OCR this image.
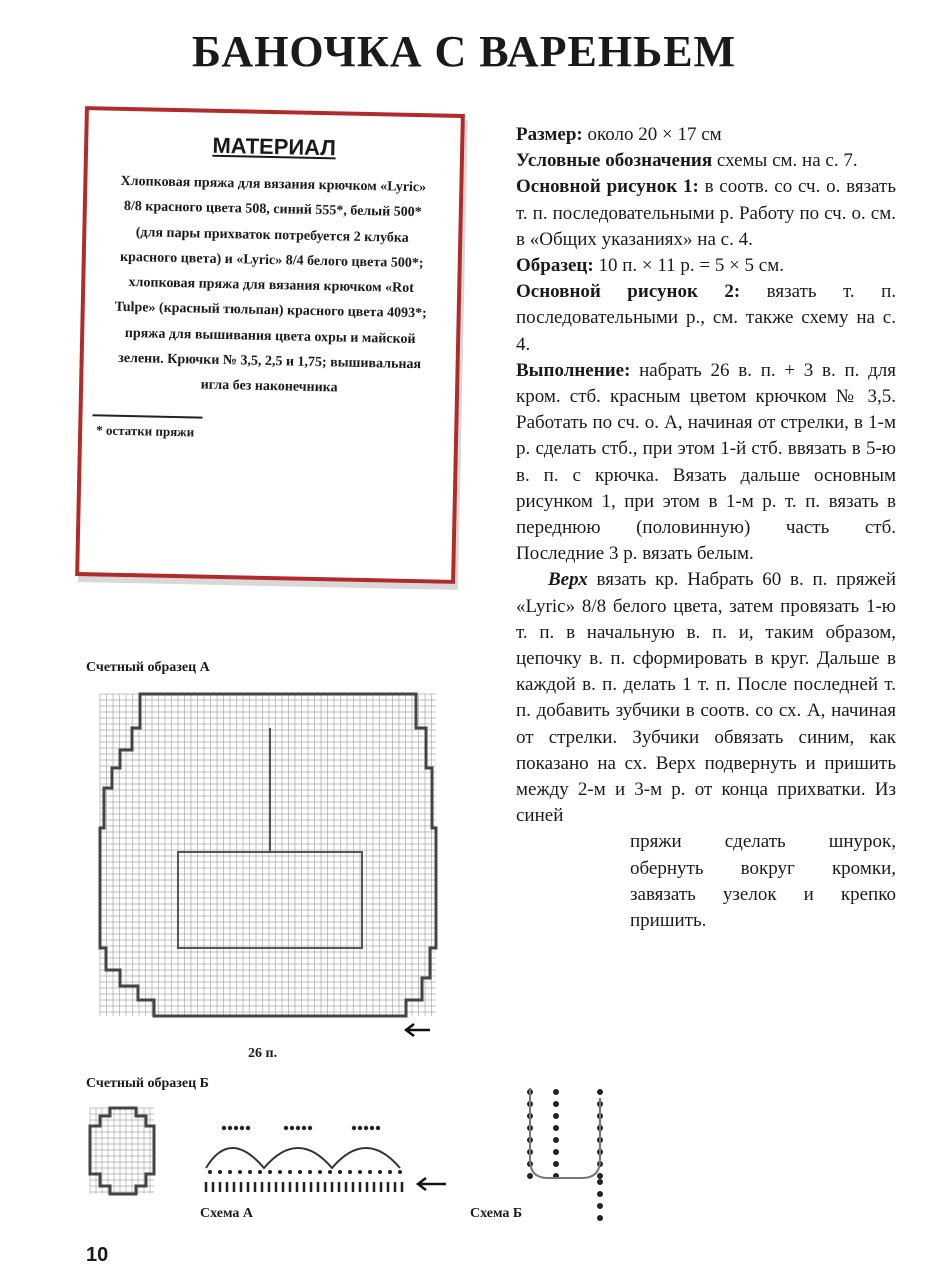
БАНОЧКА С ВАРЕНЬЕМ
МАТЕРИАЛ

Хлопковая пряжа для вязания крючком «Lyric» 8/8 красного цвета 508, синий 555*, белый 500* (для пары прихваток потребуется 2 клубка красного цвета) и «Lyric» 8/4 белого цвета 500*; хлопковая пряжа для вязания крючком «Rot Tulpe» (красный тюльпан) красного цвета 4093*; пряжа для вышивания цвета охры и майской зелени. Крючки № 3,5, 2,5 и 1,75; вышивальная игла без наконечника

* остатки пряжи

Размер: около 20 × 17 см

Условные обозначения схемы см. на с. 7.

Основной рисунок 1: в соотв. со сч. о. вязать т. п. последовательными р. Работу по сч. о. см. в «Общих указаниях» на с. 4.

Образец: 10 п. × 11 р. = 5 × 5 см.

Основной рисунок 2: вязать т. п. последовательными р., см. также схему на с. 4.

Выполнение: набрать 26 в. п. + 3 в. п. для кром. стб. красным цветом крючком № 3,5. Работать по сч. о. А, начиная от стрелки, в 1-м р. сделать стб., при этом 1-й стб. ввязать в 5-ю в. п. с крючка. Вязать дальше основным рисунком 1, при этом в 1-м р. т. п. вязать в переднюю (половинную) часть стб. Последние 3 р. вязать белым.

Верх вязать кр. Набрать 60 в. п. пряжей «Lyric» 8/8 белого цвета, затем провязать 1-ю т. п. в начальную в. п. и, таким образом, цепочку в. п. сформировать в круг. Дальше в каждой в. п. делать 1 т. п. После последней т. п. добавить зубчики в соотв. со сх. А, начиная от стрелки. Зубчики обвязать синим, как показано на сх. Верх подвернуть и пришить между 2-м и 3-м р. от конца прихватки. Из синей

пряжи сделать шнурок, обернуть вокруг кромки, завязать узелок и крепко пришить.

Счетный образец А
26 п.
Счетный образец Б
Схема А	Схема Б
10
